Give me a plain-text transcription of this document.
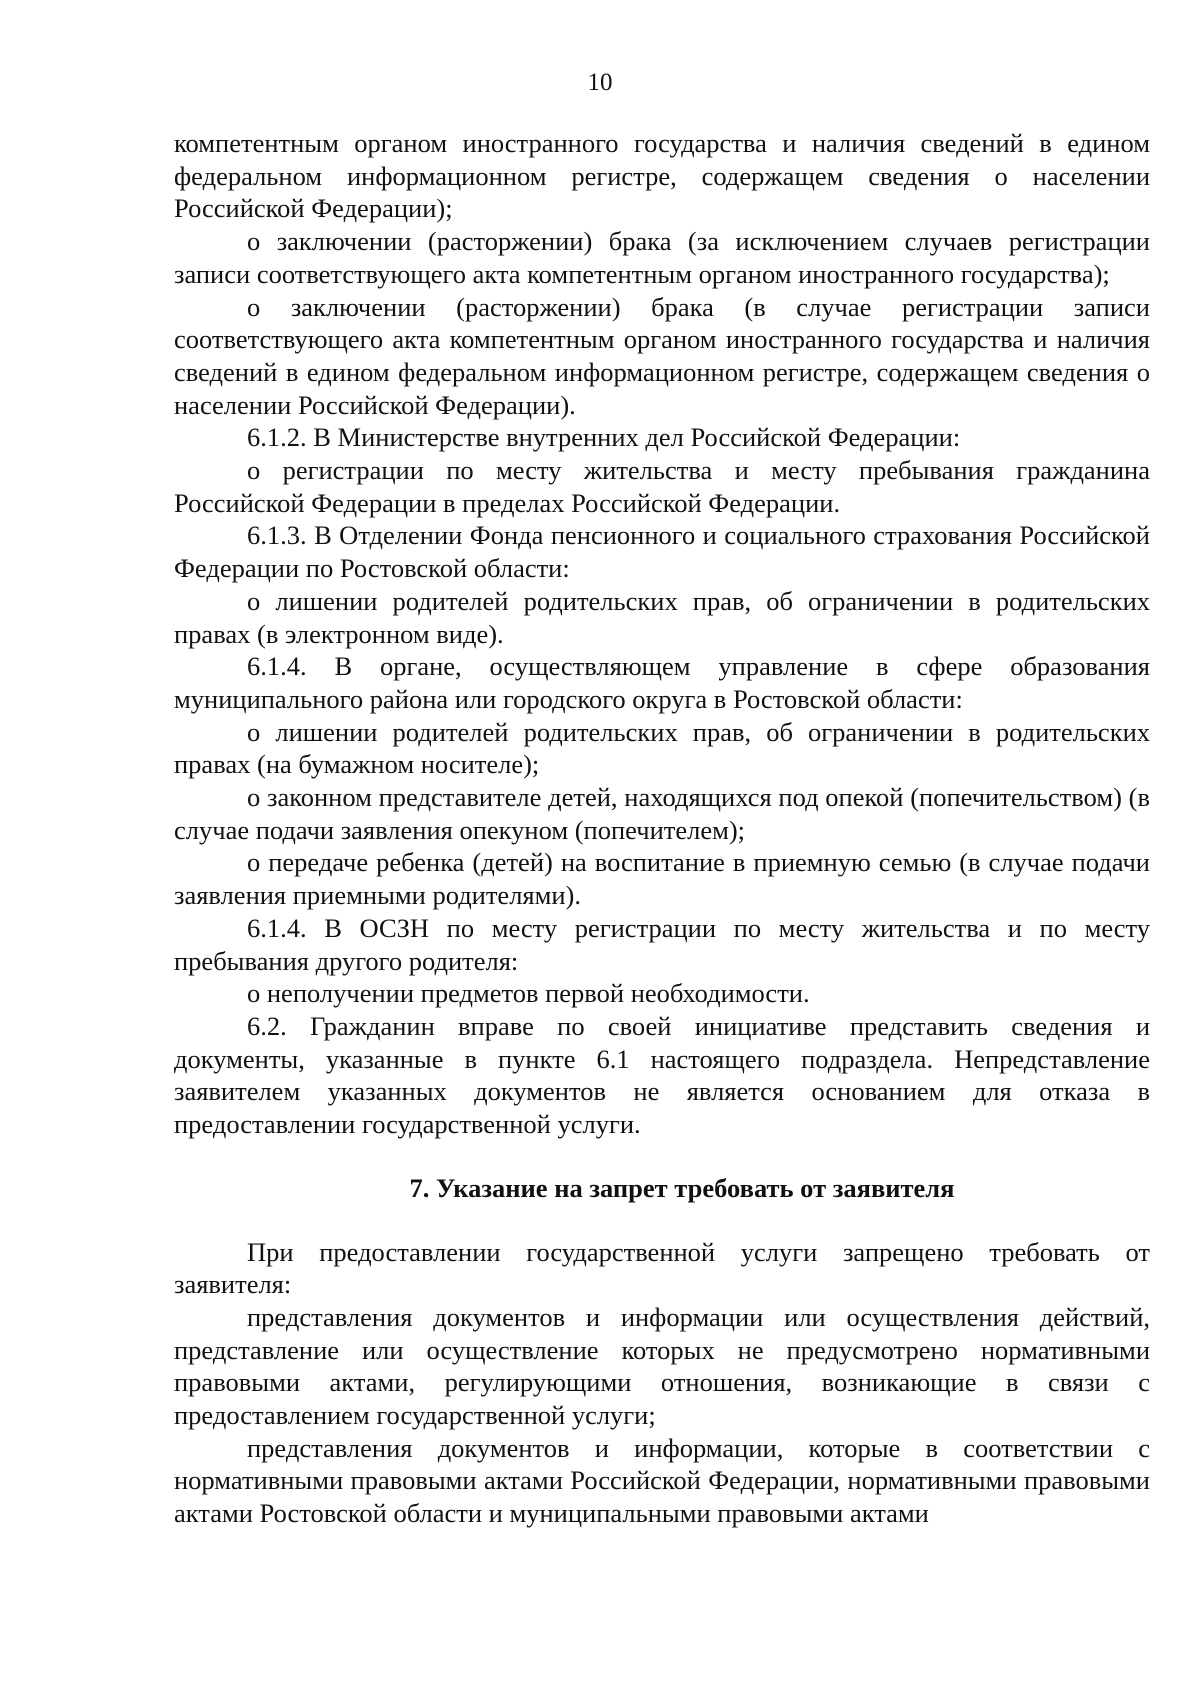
10

компетентным органом иностранного государства и наличия сведений в едином федеральном информационном регистре, содержащем сведения о населении Российской Федерации);

о заключении (расторжении) брака (за исключением случаев регистрации записи соответствующего акта компетентным органом иностранного государства);

о заключении (расторжении) брака (в случае регистрации записи соответствующего акта компетентным органом иностранного государства и наличия сведений в едином федеральном информационном регистре, содержащем сведения о населении Российской Федерации).

6.1.2. В Министерстве внутренних дел Российской Федерации:

о регистрации по месту жительства и месту пребывания гражданина Российской Федерации в пределах Российской Федерации.

6.1.3. В Отделении Фонда пенсионного и социального страхования Российской Федерации по Ростовской области:

о лишении родителей родительских прав, об ограничении в родительских правах (в электронном виде).

6.1.4. В органе, осуществляющем управление в сфере образования муниципального района или городского округа в Ростовской области:

о лишении родителей родительских прав, об ограничении в родительских правах (на бумажном носителе);

о законном представителе детей, находящихся под опекой (попечительством) (в случае подачи заявления опекуном (попечителем);

о передаче ребенка (детей) на воспитание в приемную семью (в случае подачи заявления приемными родителями).

6.1.4. В ОСЗН по месту регистрации по месту жительства и по месту пребывания другого родителя:

о неполучении предметов первой необходимости.

6.2. Гражданин вправе по своей инициативе представить сведения и документы, указанные в пункте 6.1 настоящего подраздела. Непредставление заявителем указанных документов не является основанием для отказа в предоставлении государственной услуги.

7. Указание на запрет требовать от заявителя

При предоставлении государственной услуги запрещено требовать от заявителя:

представления документов и информации или осуществления действий, представление или осуществление которых не предусмотрено нормативными правовыми актами, регулирующими отношения, возникающие в связи с предоставлением государственной услуги;

представления документов и информации, которые в соответствии с нормативными правовыми актами Российской Федерации, нормативными правовыми актами Ростовской области и муниципальными правовыми актами
